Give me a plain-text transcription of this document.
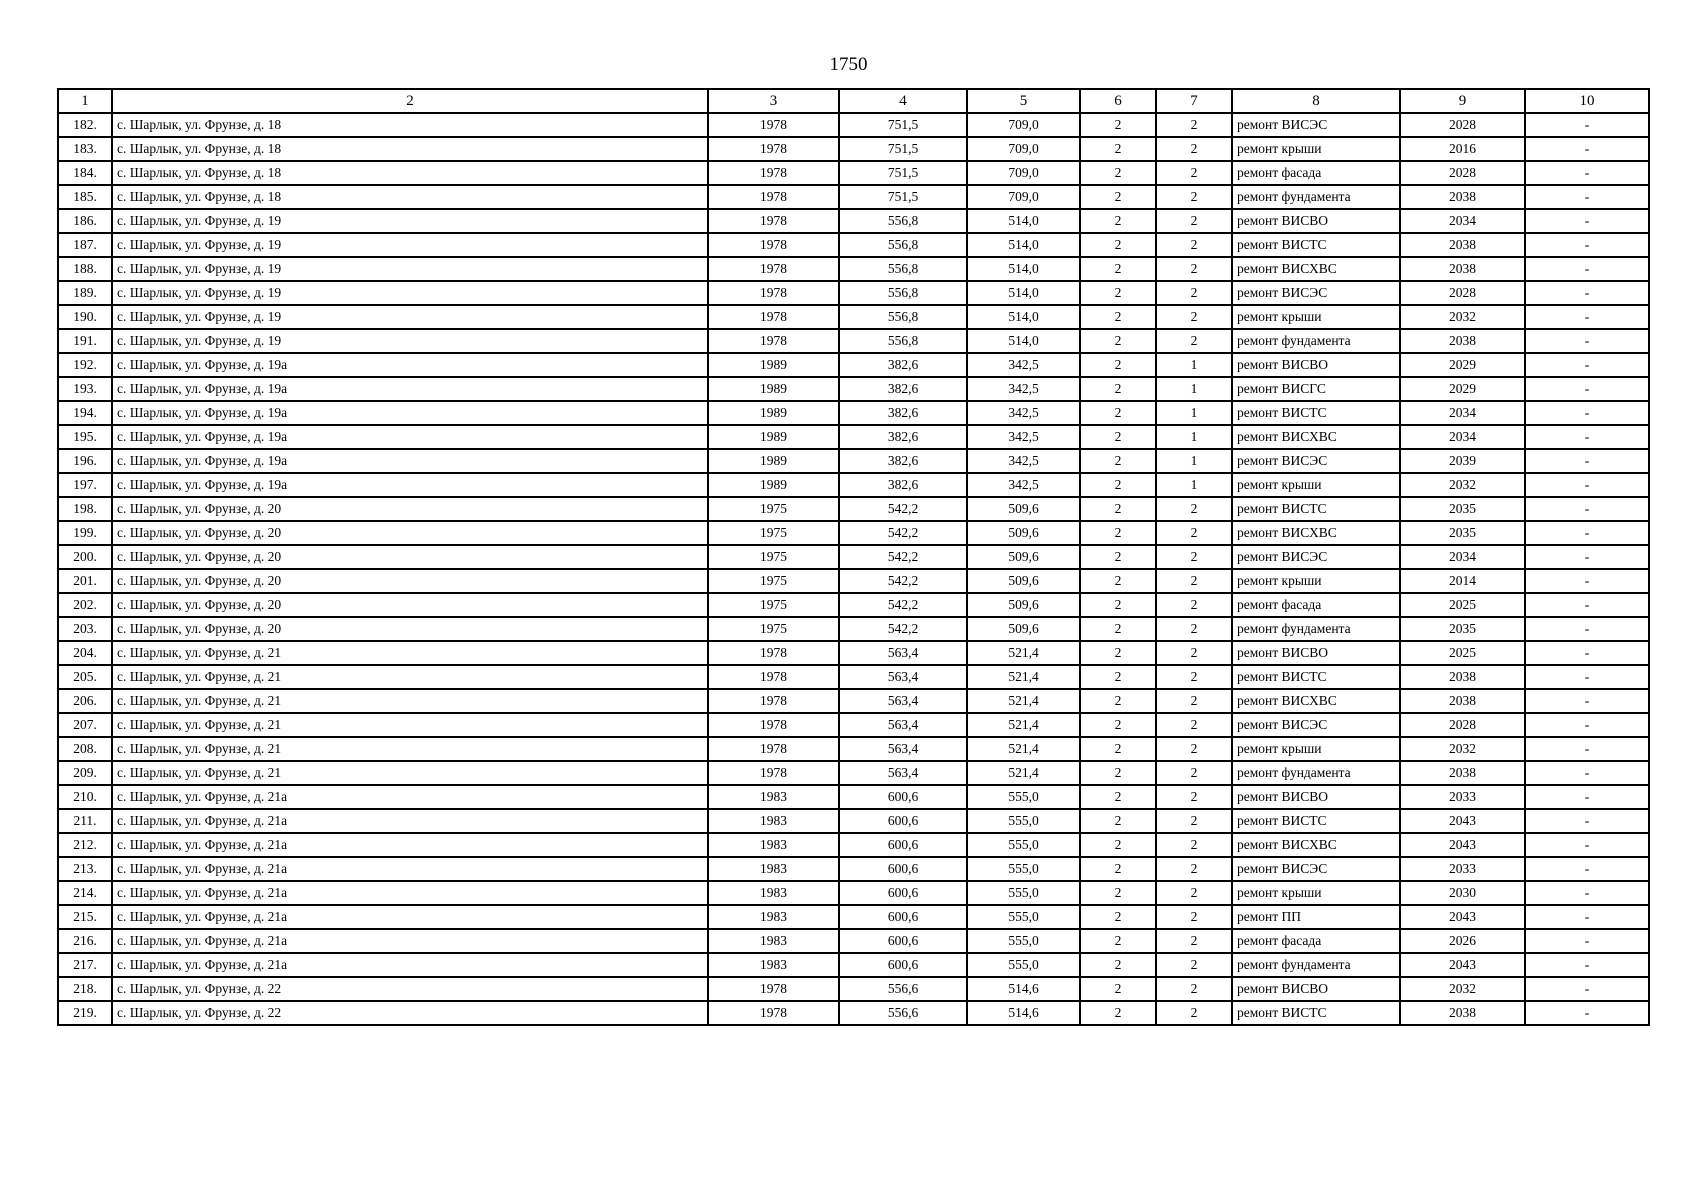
1750
1	2	3	4	5	6	7	8	9	10
182.	с. Шарлык, ул. Фрунзе, д. 18	1978	751,5	709,0	2	2	ремонт ВИСЭС	2028	-
183.	с. Шарлык, ул. Фрунзе, д. 18	1978	751,5	709,0	2	2	ремонт крыши	2016	-
184.	с. Шарлык, ул. Фрунзе, д. 18	1978	751,5	709,0	2	2	ремонт фасада	2028	-
185.	с. Шарлык, ул. Фрунзе, д. 18	1978	751,5	709,0	2	2	ремонт фундамента	2038	-
186.	с. Шарлык, ул. Фрунзе, д. 19	1978	556,8	514,0	2	2	ремонт ВИСВО	2034	-
187.	с. Шарлык, ул. Фрунзе, д. 19	1978	556,8	514,0	2	2	ремонт ВИСТС	2038	-
188.	с. Шарлык, ул. Фрунзе, д. 19	1978	556,8	514,0	2	2	ремонт ВИСХВС	2038	-
189.	с. Шарлык, ул. Фрунзе, д. 19	1978	556,8	514,0	2	2	ремонт ВИСЭС	2028	-
190.	с. Шарлык, ул. Фрунзе, д. 19	1978	556,8	514,0	2	2	ремонт крыши	2032	-
191.	с. Шарлык, ул. Фрунзе, д. 19	1978	556,8	514,0	2	2	ремонт фундамента	2038	-
192.	с. Шарлык, ул. Фрунзе, д. 19а	1989	382,6	342,5	2	1	ремонт ВИСВО	2029	-
193.	с. Шарлык, ул. Фрунзе, д. 19а	1989	382,6	342,5	2	1	ремонт ВИСГС	2029	-
194.	с. Шарлык, ул. Фрунзе, д. 19а	1989	382,6	342,5	2	1	ремонт ВИСТС	2034	-
195.	с. Шарлык, ул. Фрунзе, д. 19а	1989	382,6	342,5	2	1	ремонт ВИСХВС	2034	-
196.	с. Шарлык, ул. Фрунзе, д. 19а	1989	382,6	342,5	2	1	ремонт ВИСЭС	2039	-
197.	с. Шарлык, ул. Фрунзе, д. 19а	1989	382,6	342,5	2	1	ремонт крыши	2032	-
198.	с. Шарлык, ул. Фрунзе, д. 20	1975	542,2	509,6	2	2	ремонт ВИСТС	2035	-
199.	с. Шарлык, ул. Фрунзе, д. 20	1975	542,2	509,6	2	2	ремонт ВИСХВС	2035	-
200.	с. Шарлык, ул. Фрунзе, д. 20	1975	542,2	509,6	2	2	ремонт ВИСЭС	2034	-
201.	с. Шарлык, ул. Фрунзе, д. 20	1975	542,2	509,6	2	2	ремонт крыши	2014	-
202.	с. Шарлык, ул. Фрунзе, д. 20	1975	542,2	509,6	2	2	ремонт фасада	2025	-
203.	с. Шарлык, ул. Фрунзе, д. 20	1975	542,2	509,6	2	2	ремонт фундамента	2035	-
204.	с. Шарлык, ул. Фрунзе, д. 21	1978	563,4	521,4	2	2	ремонт ВИСВО	2025	-
205.	с. Шарлык, ул. Фрунзе, д. 21	1978	563,4	521,4	2	2	ремонт ВИСТС	2038	-
206.	с. Шарлык, ул. Фрунзе, д. 21	1978	563,4	521,4	2	2	ремонт ВИСХВС	2038	-
207.	с. Шарлык, ул. Фрунзе, д. 21	1978	563,4	521,4	2	2	ремонт ВИСЭС	2028	-
208.	с. Шарлык, ул. Фрунзе, д. 21	1978	563,4	521,4	2	2	ремонт крыши	2032	-
209.	с. Шарлык, ул. Фрунзе, д. 21	1978	563,4	521,4	2	2	ремонт фундамента	2038	-
210.	с. Шарлык, ул. Фрунзе, д. 21а	1983	600,6	555,0	2	2	ремонт ВИСВО	2033	-
211.	с. Шарлык, ул. Фрунзе, д. 21а	1983	600,6	555,0	2	2	ремонт ВИСТС	2043	-
212.	с. Шарлык, ул. Фрунзе, д. 21а	1983	600,6	555,0	2	2	ремонт ВИСХВС	2043	-
213.	с. Шарлык, ул. Фрунзе, д. 21а	1983	600,6	555,0	2	2	ремонт ВИСЭС	2033	-
214.	с. Шарлык, ул. Фрунзе, д. 21а	1983	600,6	555,0	2	2	ремонт крыши	2030	-
215.	с. Шарлык, ул. Фрунзе, д. 21а	1983	600,6	555,0	2	2	ремонт ПП	2043	-
216.	с. Шарлык, ул. Фрунзе, д. 21а	1983	600,6	555,0	2	2	ремонт фасада	2026	-
217.	с. Шарлык, ул. Фрунзе, д. 21а	1983	600,6	555,0	2	2	ремонт фундамента	2043	-
218.	с. Шарлык, ул. Фрунзе, д. 22	1978	556,6	514,6	2	2	ремонт ВИСВО	2032	-
219.	с. Шарлык, ул. Фрунзе, д. 22	1978	556,6	514,6	2	2	ремонт ВИСТС	2038	-
